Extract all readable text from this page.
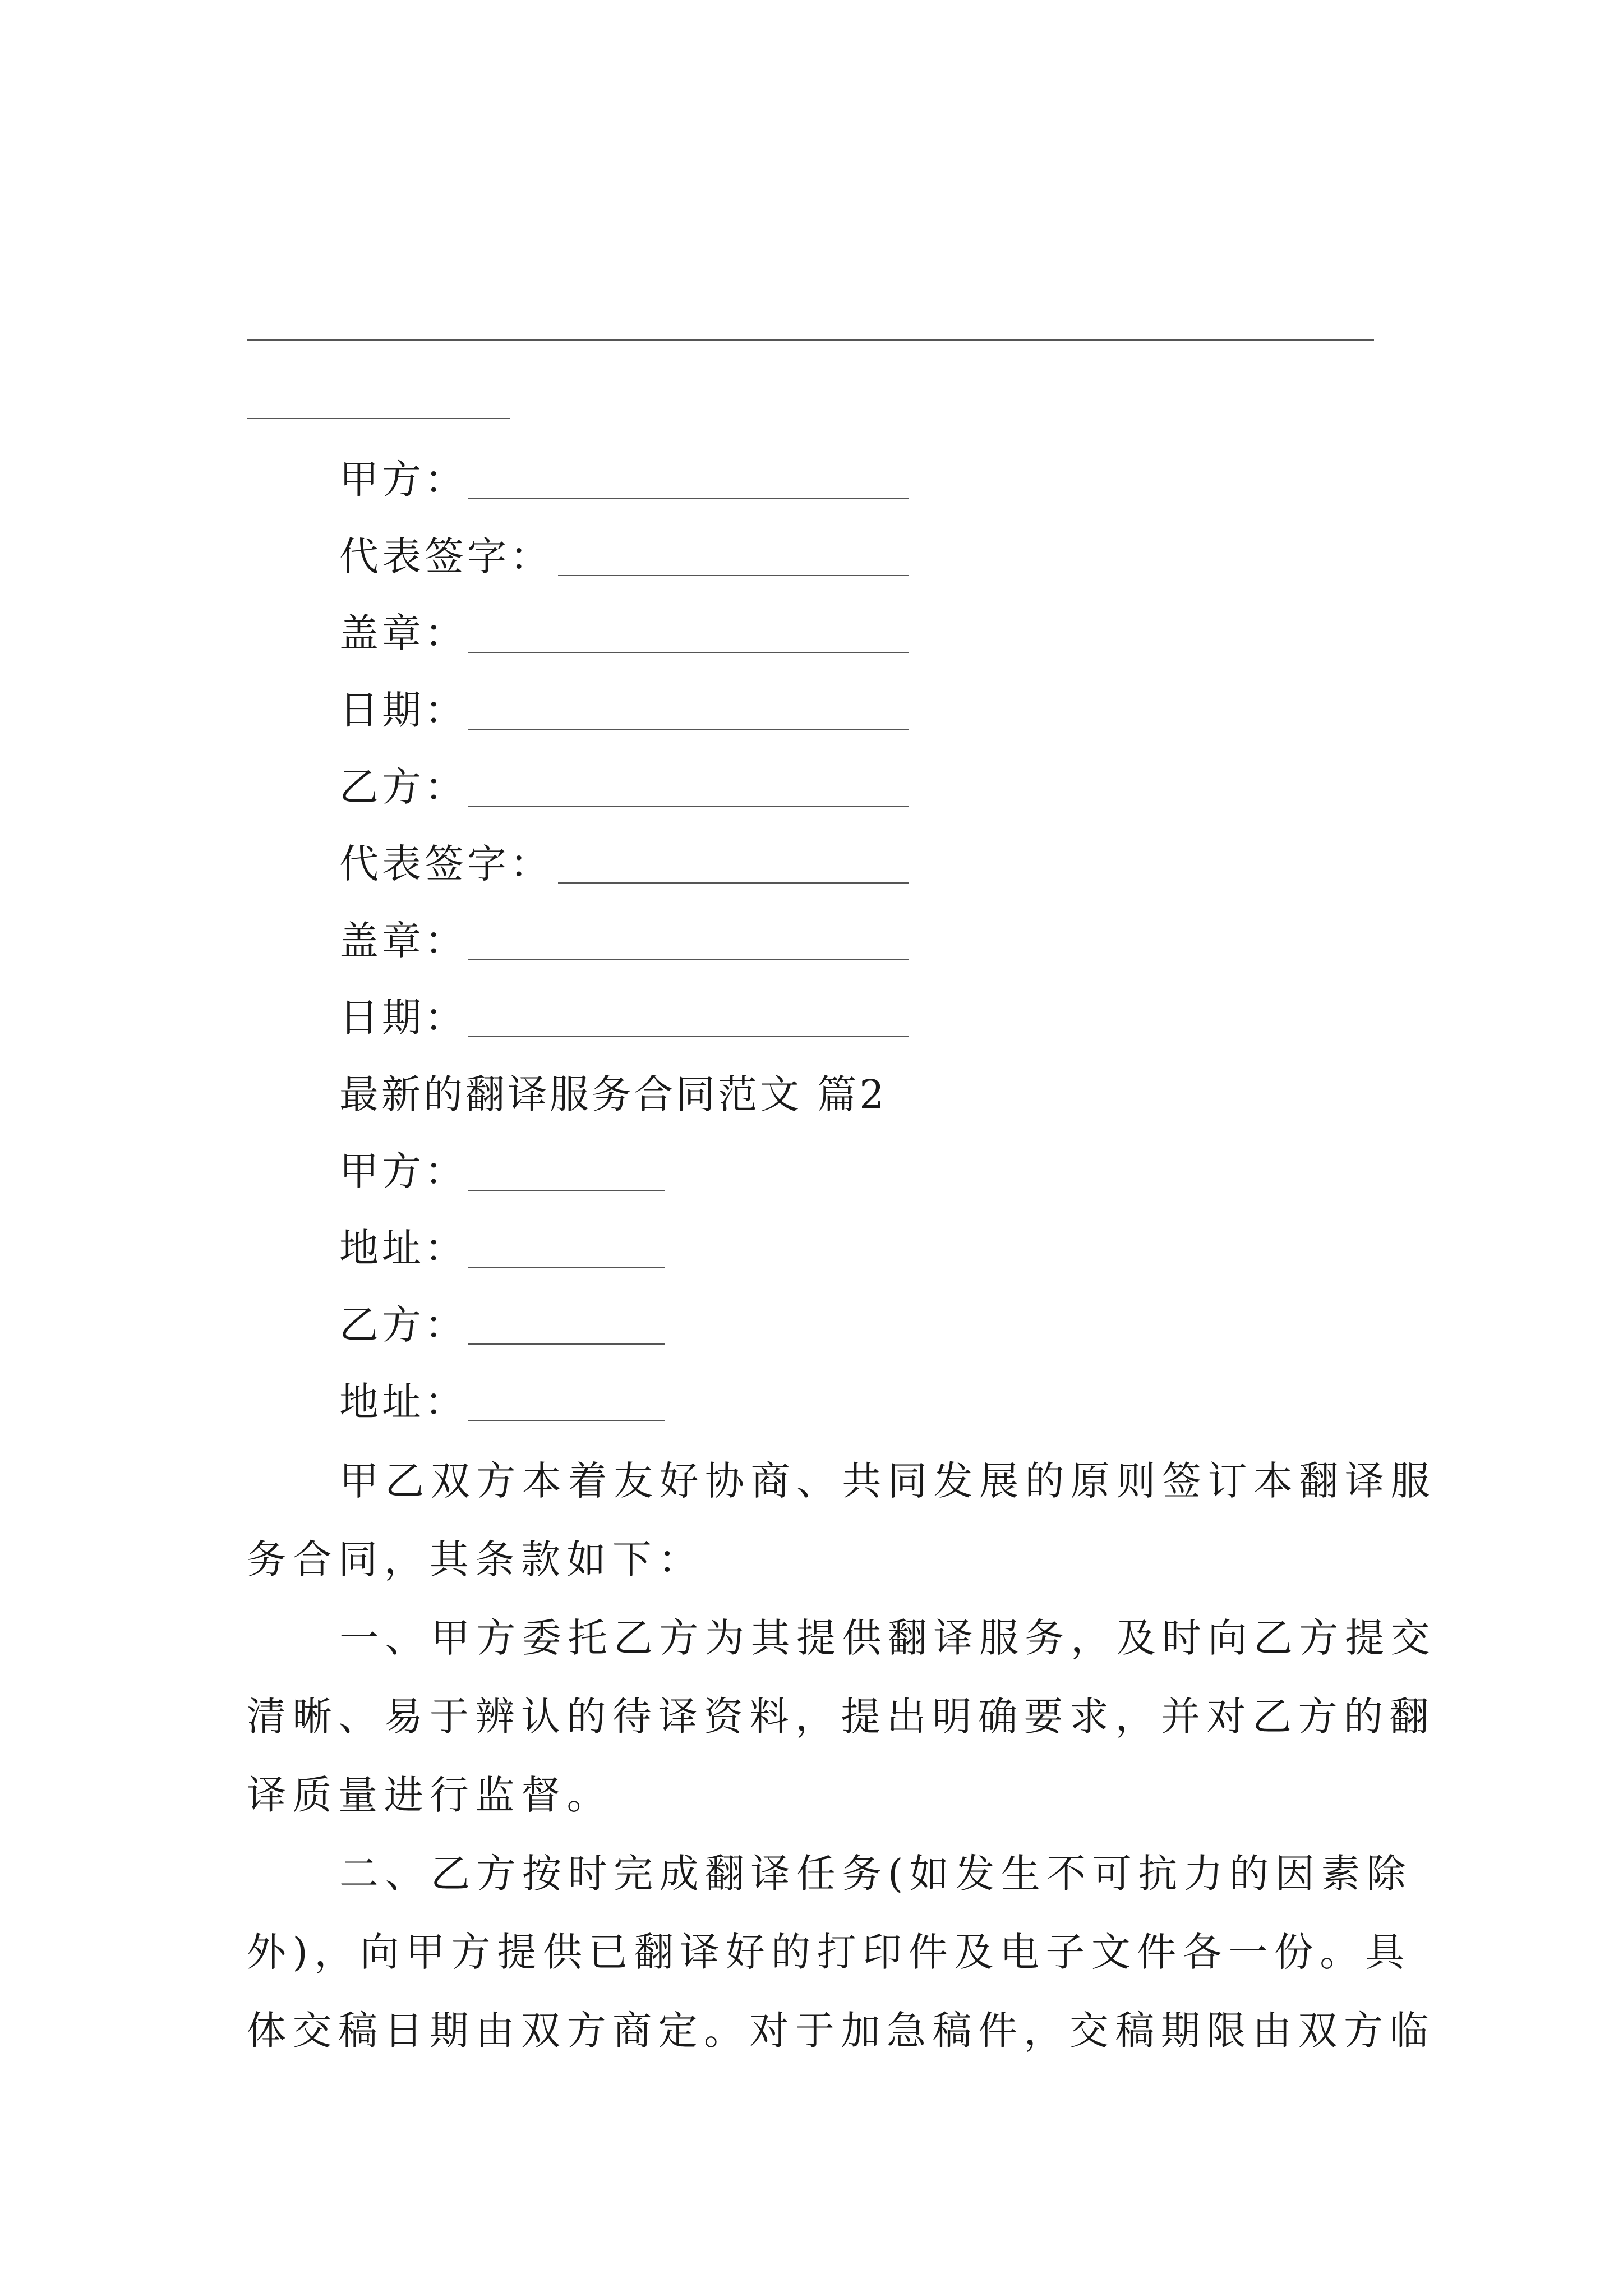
甲方：
代表签字：
盖章：
日期：
乙方：
代表签字：
盖章：
日期：
最新的翻译服务合同范文 篇2
甲方：
地址：
乙方：
地址：
甲乙双方本着友好协商、共同发展的原则签订本翻译服
务合同，其条款如下：
一、甲方委托乙方为其提供翻译服务，及时向乙方提交
清晰、易于辨认的待译资料，提出明确要求，并对乙方的翻
译质量进行监督。
二、乙方按时完成翻译任务(如发生不可抗力的因素除
外)，向甲方提供已翻译好的打印件及电子文件各一份。具
体交稿日期由双方商定。对于加急稿件，交稿期限由双方临
